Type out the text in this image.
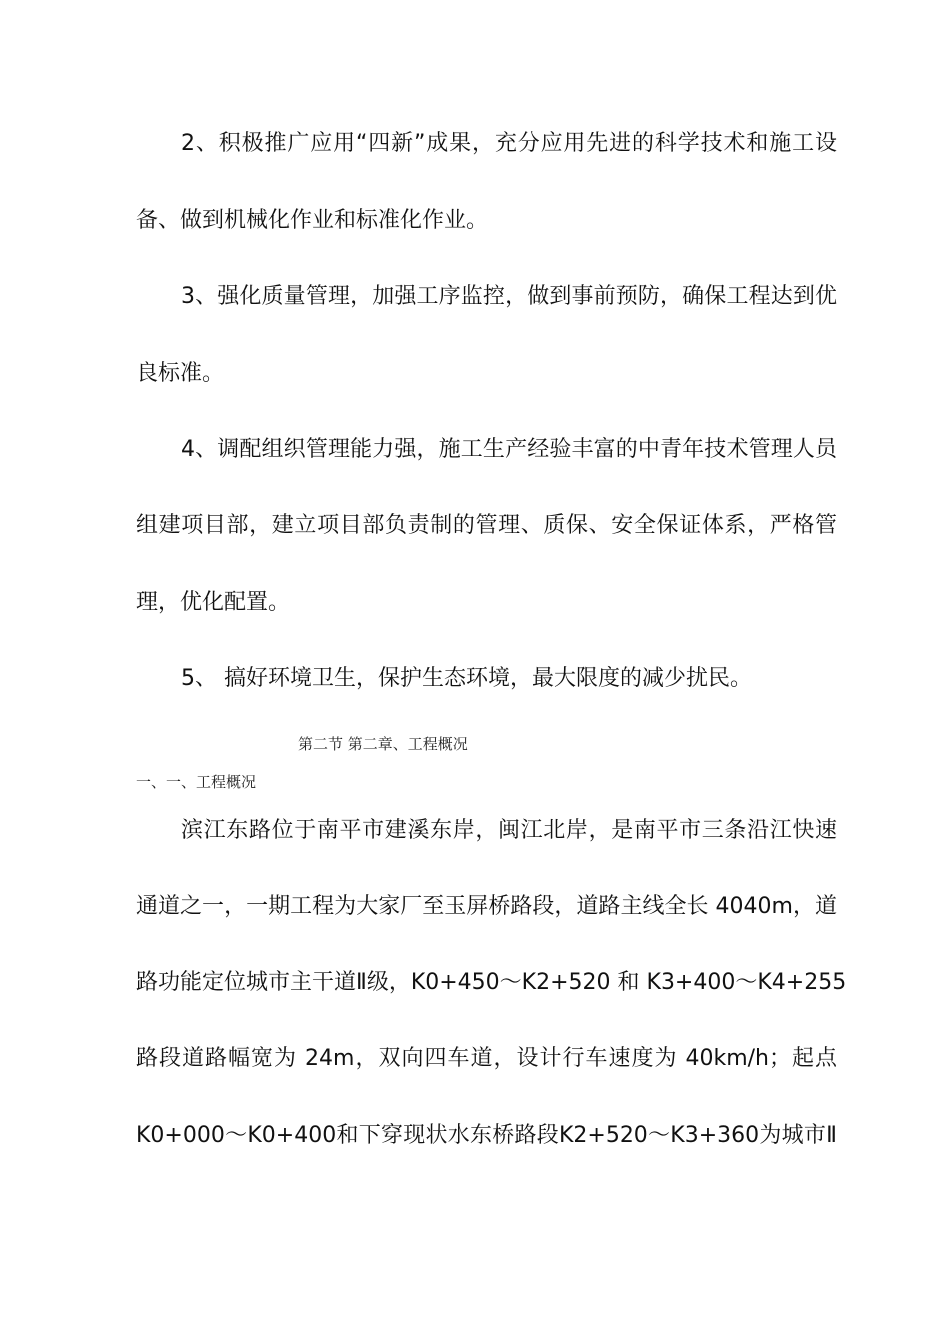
2、积极推广应用“四新”成果，充分应用先进的科学技术和施工设
备、做到机械化作业和标准化作业。
3、强化质量管理，加强工序监控，做到事前预防，确保工程达到优
良标准。
4、调配组织管理能力强，施工生产经验丰富的中青年技术管理人员
组建项目部，建立项目部负责制的管理、质保、安全保证体系，严格管
理，优化配置。
5、 搞好环境卫生，保护生态环境，最大限度的减少扰民。
第二节 第二章、工程概况
一、一、工程概况
滨江东路位于南平市建溪东岸，闽江北岸，是南平市三条沿江快速
通道之一，一期工程为大家厂至玉屏桥路段，道路主线全长 4040m，道
路功能定位城市主干道Ⅱ级，K0+450～K2+520 和 K3+400～K4+255
路段道路幅宽为 24m，双向四车道，设计行车速度为 40km/h；起点
K0+000～K0+400和下穿现状水东桥路段K2+520～K3+360为城市Ⅱ
